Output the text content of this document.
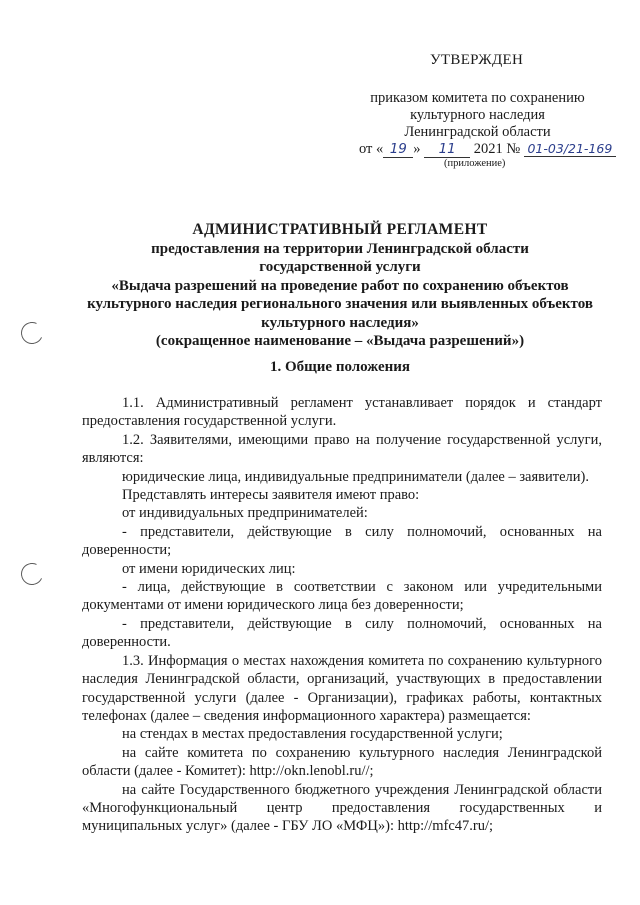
УТВЕРЖДЕН
приказом комитета по сохранению
культурного наследия
Ленинградской области
от « 19 » 11 2021 № 01-03/21-169
(приложение)
АДМИНИСТРАТИВНЫЙ РЕГЛАМЕНТ
предоставления на территории Ленинградской области
государственной услуги
«Выдача разрешений на проведение работ по сохранению объектов
культурного наследия регионального значения или выявленных объектов
культурного наследия»
(сокращенное наименование – «Выдача разрешений»)
1. Общие положения

1.1. Административный регламент устанавливает порядок и стандарт предоставления государственной услуги.

1.2. Заявителями, имеющими право на получение государственной услуги, являются:

юридические лица, индивидуальные предприниматели (далее – заявители).

Представлять интересы заявителя имеют право:

от индивидуальных предпринимателей:

- представители, действующие в силу полномочий, основанных на доверенности;

от имени юридических лиц:

- лица, действующие в соответствии с законом или учредительными документами от имени юридического лица без доверенности;

- представители, действующие в силу полномочий, основанных на доверенности.

1.3. Информация о местах нахождения комитета по сохранению культурного наследия Ленинградской области, организаций, участвующих в предоставлении государственной услуги (далее - Организации), графиках работы, контактных телефонах (далее – сведения информационного характера) размещается:

на стендах в местах предоставления государственной услуги;

на сайте комитета по сохранению культурного наследия Ленинградской области (далее - Комитет): http://okn.lenobl.ru//;

на сайте Государственного бюджетного учреждения Ленинградской области «Многофункциональный центр предоставления государственных и муниципальных услуг» (далее - ГБУ ЛО «МФЦ»): http://mfc47.ru/;
